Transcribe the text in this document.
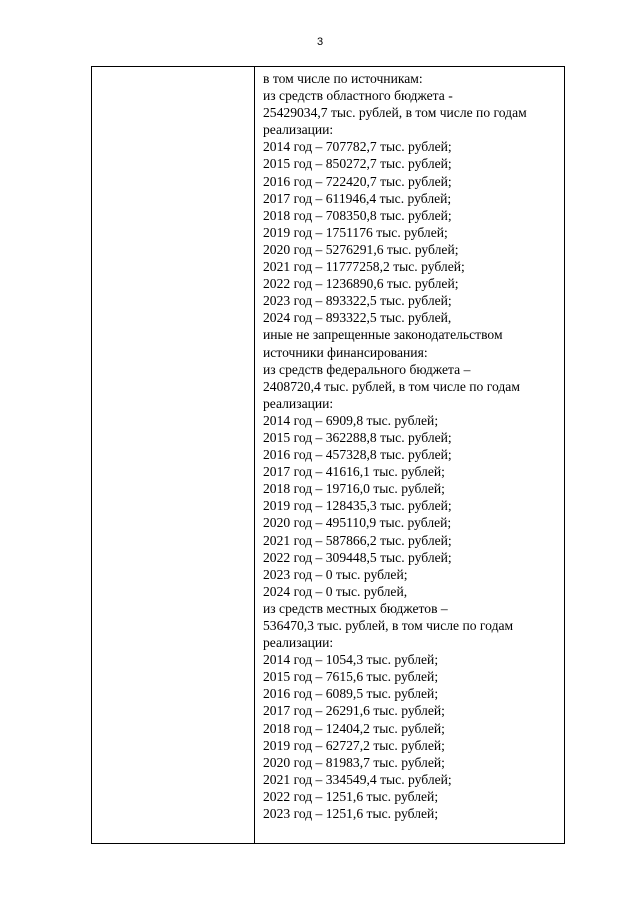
3
в том числе по источникам:
из средств областного бюджета -
25429034,7 тыс. рублей, в том числе по годам
реализации:
2014 год – 707782,7 тыс. рублей;
2015 год – 850272,7 тыс. рублей;
2016 год – 722420,7 тыс. рублей;
2017 год – 611946,4 тыс. рублей;
2018 год – 708350,8 тыс. рублей;
2019 год – 1751176 тыс. рублей;
2020 год – 5276291,6 тыс. рублей;
2021 год – 11777258,2 тыс. рублей;
2022 год – 1236890,6 тыс. рублей;
2023 год – 893322,5 тыс. рублей;
2024 год – 893322,5 тыс. рублей,
иные не запрещенные законодательством
источники финансирования:
из средств федерального бюджета –
2408720,4 тыс. рублей, в том числе по годам
реализации:
2014 год – 6909,8 тыс. рублей;
2015 год – 362288,8 тыс. рублей;
2016 год – 457328,8 тыс. рублей;
2017 год – 41616,1 тыс. рублей;
2018 год – 19716,0 тыс. рублей;
2019 год – 128435,3 тыс. рублей;
2020 год – 495110,9 тыс. рублей;
2021 год – 587866,2 тыс. рублей;
2022 год – 309448,5 тыс. рублей;
2023 год – 0 тыс. рублей;
2024 год – 0 тыс. рублей,
из средств местных бюджетов –
536470,3 тыс. рублей, в том числе по годам
реализации:
2014 год – 1054,3 тыс. рублей;
2015 год – 7615,6 тыс. рублей;
2016 год – 6089,5 тыс. рублей;
2017 год – 26291,6 тыс. рублей;
2018 год – 12404,2 тыс. рублей;
2019 год – 62727,2 тыс. рублей;
2020 год – 81983,7 тыс. рублей;
2021 год – 334549,4 тыс. рублей;
2022 год – 1251,6 тыс. рублей;
2023 год – 1251,6 тыс. рублей;
